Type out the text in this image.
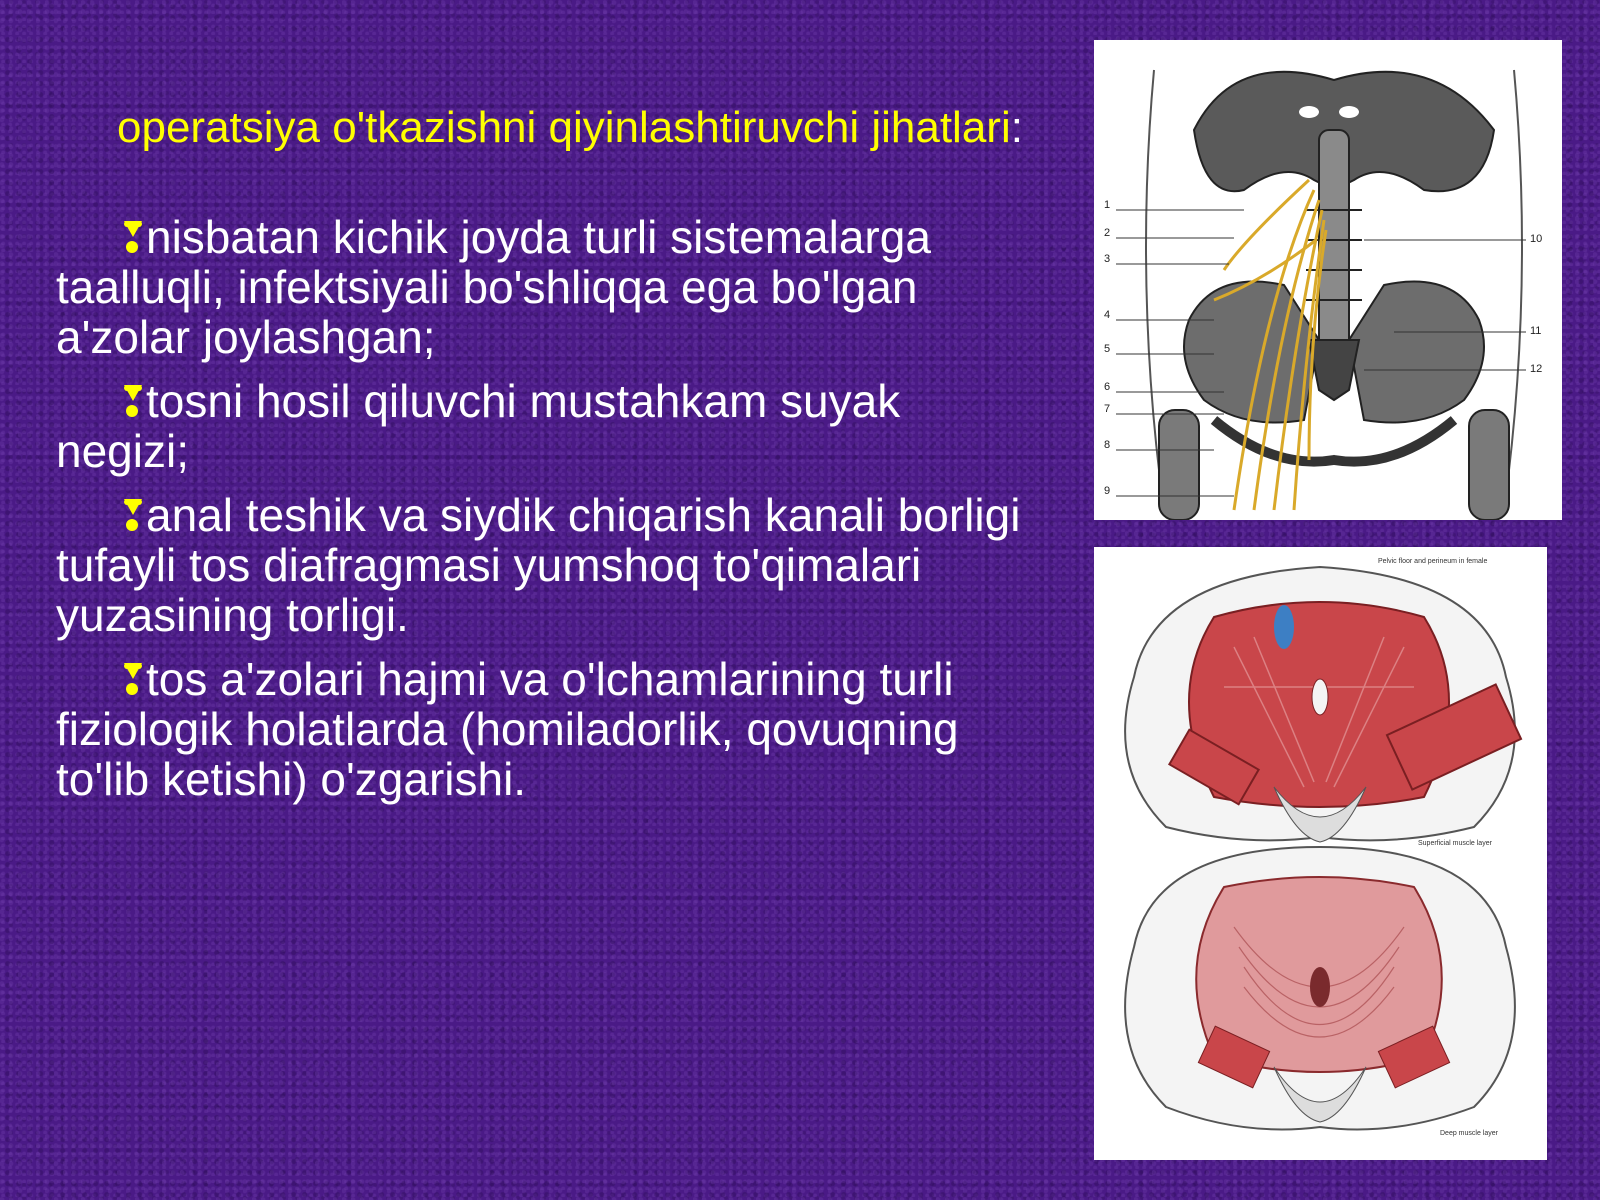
operatsiya o'tkazishni qiyinlashtiruvchi jihatlari:
nisbatan kichik joyda turli sistemalarga taalluqli, infektsiyali bo'shliqqa ega bo'lgan a'zolar joylashgan;
tosni hosil qiluvchi mustahkam suyak negizi;
anal teshik va siydik chiqarish kanali borligi tufayli tos diafragmasi yumshoq to'qimalari yuzasining torligi.
tos a'zolari hajmi va o'lchamlarining turli fiziologik holatlarda (homiladorlik, qovuqning to'lib ketishi) o'zgarishi.
1
2
3
4
5
6
7
8
9
10
11
12
Pelvic floor and perineum in female
Superficial muscle layer
Deep muscle layer
